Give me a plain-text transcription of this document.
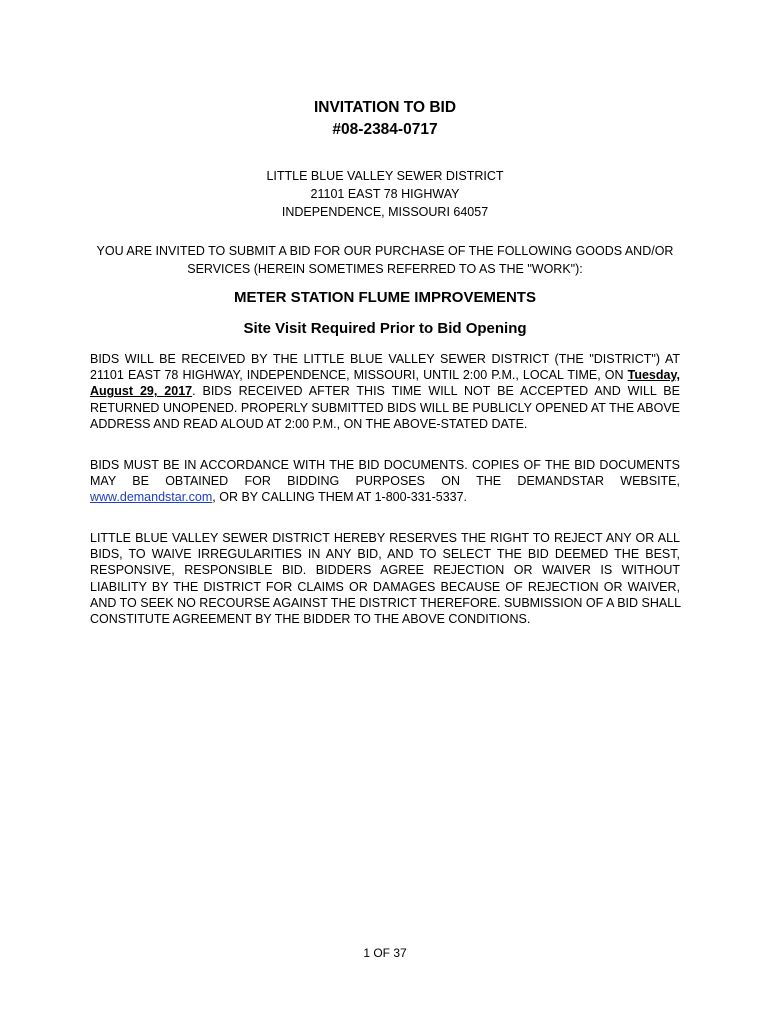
INVITATION TO BID
#08-2384-0717
LITTLE BLUE VALLEY SEWER DISTRICT
21101 EAST 78 HIGHWAY
INDEPENDENCE, MISSOURI 64057
YOU ARE INVITED TO SUBMIT A BID FOR OUR PURCHASE OF THE FOLLOWING GOODS AND/OR
SERVICES (HEREIN SOMETIMES REFERRED TO AS THE "WORK"):
METER STATION FLUME IMPROVEMENTS
Site Visit Required Prior to Bid Opening
BIDS WILL BE RECEIVED BY THE LITTLE BLUE VALLEY SEWER DISTRICT (THE "DISTRICT") AT
21101 EAST 78 HIGHWAY, INDEPENDENCE, MISSOURI, UNTIL 2:00 P.M., LOCAL TIME, ON Tuesday,
August 29, 2017. BIDS RECEIVED AFTER THIS TIME WILL NOT BE ACCEPTED AND WILL BE
RETURNED UNOPENED. PROPERLY SUBMITTED BIDS WILL BE PUBLICLY OPENED AT THE ABOVE
ADDRESS AND READ ALOUD AT 2:00 P.M., ON THE ABOVE-STATED DATE.
BIDS MUST BE IN ACCORDANCE WITH THE BID DOCUMENTS. COPIES OF THE BID DOCUMENTS
MAY BE OBTAINED FOR BIDDING PURPOSES ON THE DEMANDSTAR WEBSITE,
www.demandstar.com, OR BY CALLING THEM AT 1-800-331-5337.
LITTLE BLUE VALLEY SEWER DISTRICT HEREBY RESERVES THE RIGHT TO REJECT ANY OR ALL
BIDS, TO WAIVE IRREGULARITIES IN ANY BID, AND TO SELECT THE BID DEEMED THE BEST,
RESPONSIVE, RESPONSIBLE BID. BIDDERS AGREE REJECTION OR WAIVER IS WITHOUT
LIABILITY BY THE DISTRICT FOR CLAIMS OR DAMAGES BECAUSE OF REJECTION OR WAIVER,
AND TO SEEK NO RECOURSE AGAINST THE DISTRICT THEREFORE. SUBMISSION OF A BID SHALL
CONSTITUTE AGREEMENT BY THE BIDDER TO THE ABOVE CONDITIONS.
1 OF 37
